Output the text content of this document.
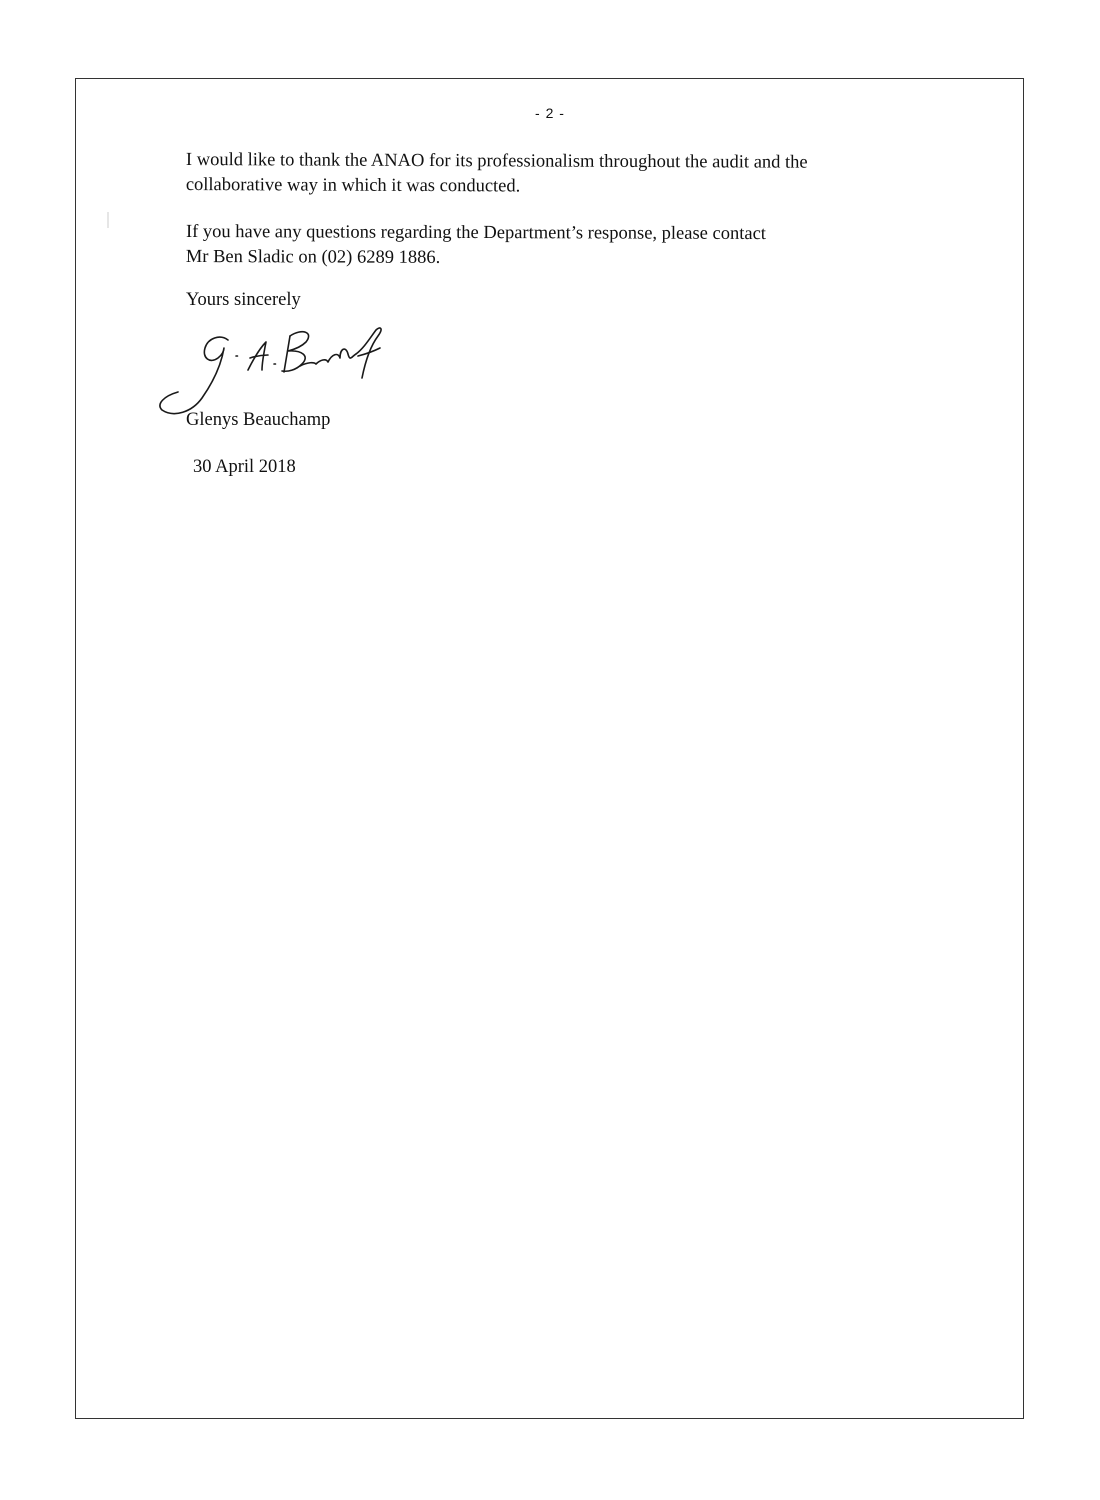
- 2 -

I would like to thank the ANAO for its professionalism throughout the audit and the
collaborative way in which it was conducted.

If you have any questions regarding the Department’s response, please contact
Mr Ben Sladic on (02) 6289 1886.

Yours sincerely
Glenys Beauchamp
30 April 2018
